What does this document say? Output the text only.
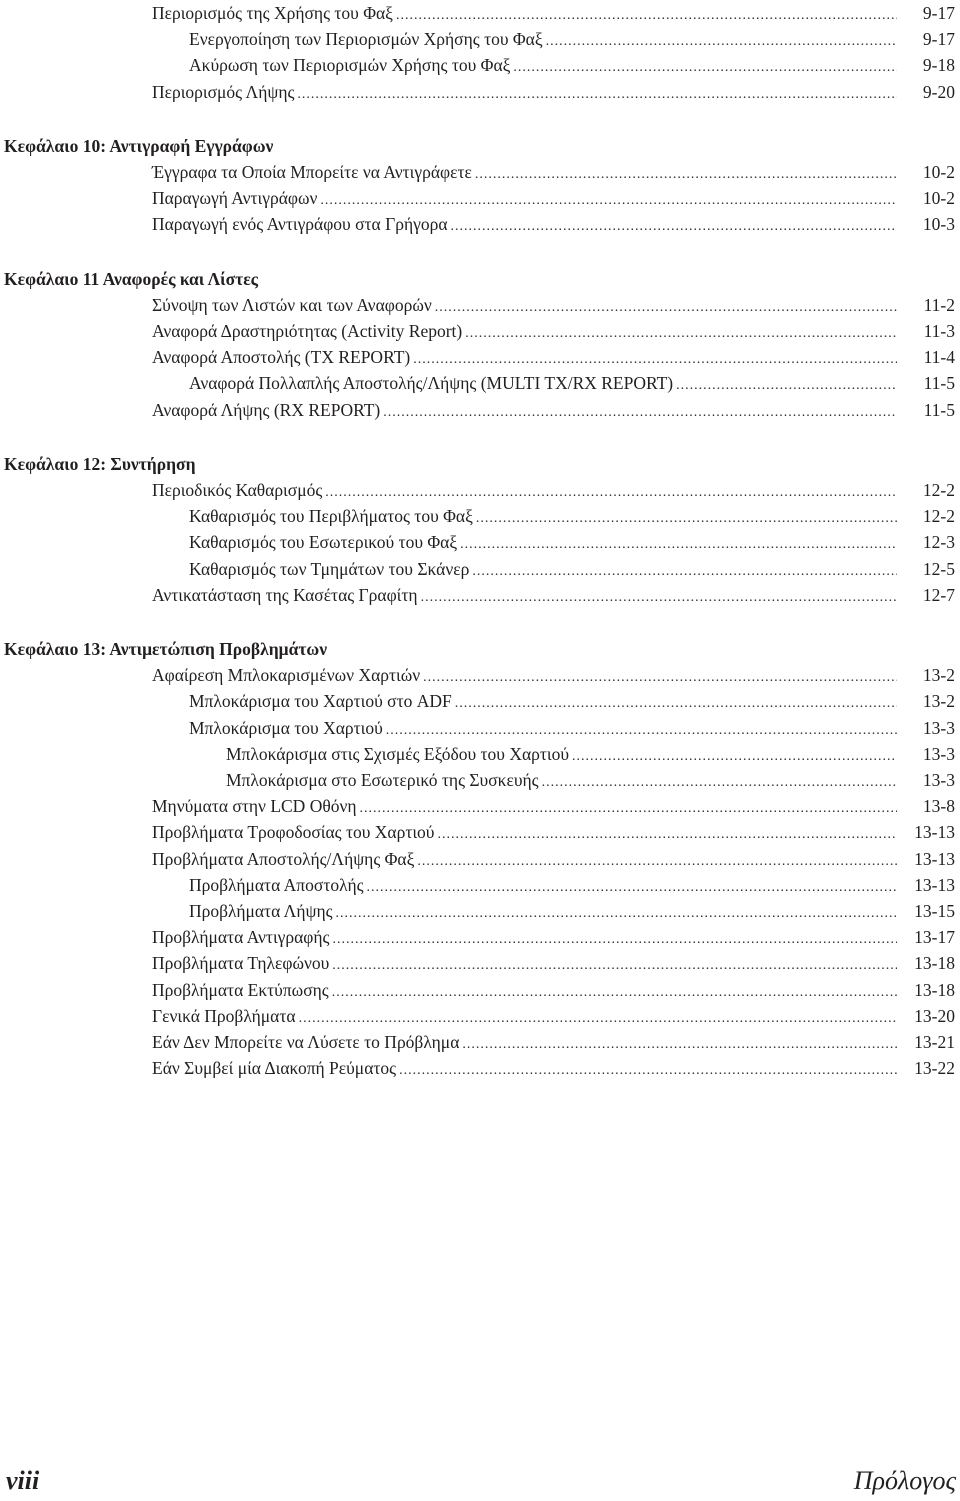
Περιορισμός της Χρήσης του Φαξ .....	9-17
Ενεργοποίηση των Περιορισμών Χρήσης του Φαξ .....	9-17
Ακύρωση των Περιορισμών Χρήσης του Φαξ .....	9-18
Περιορισμός Λήψης .....	9-20
Κεφάλαιο 10: Αντιγραφή Εγγράφων
Έγγραφα τα Οποία Μπορείτε να Αντιγράφετε .....	10-2
Παραγωγή Αντιγράφων .....	10-2
Παραγωγή ενός Αντιγράφου στα Γρήγορα .....	10-3
Κεφάλαιο 11 Αναφορές και Λίστες
Σύνοψη των Λιστών και των Αναφορών .....	11-2
Αναφορά Δραστηριότητας (Activity Report) .....	11-3
Αναφορά Αποστολής (TX REPORT) .....	11-4
Αναφορά Πολλαπλής Αποστολής/Λήψης (MULTI TX/RX REPORT) .....	11-5
Αναφορά Λήψης (RX REPORT) .....	11-5
Κεφάλαιο 12: Συντήρηση
Περιοδικός Καθαρισμός .....	12-2
Καθαρισμός του Περιβλήματος του Φαξ .....	12-2
Καθαρισμός του Εσωτερικού του Φαξ .....	12-3
Καθαρισμός των Τμημάτων του Σκάνερ .....	12-5
Αντικατάσταση της Κασέτας Γραφίτη .....	12-7
Κεφάλαιο 13: Αντιμετώπιση Προβλημάτων
Αφαίρεση Μπλοκαρισμένων Χαρτιών .....	13-2
Μπλοκάρισμα του Χαρτιού στο ADF .....	13-2
Μπλοκάρισμα του Χαρτιού .....	13-3
Μπλοκάρισμα στις Σχισμές Εξόδου του Χαρτιού .....	13-3
Μπλοκάρισμα στο Εσωτερικό της Συσκευής .....	13-3
Μηνύματα στην LCD Οθόνη .....	13-8
Προβλήματα Τροφοδοσίας του Χαρτιού .....	13-13
Προβλήματα Αποστολής/Λήψης Φαξ .....	13-13
Προβλήματα Αποστολής .....	13-13
Προβλήματα Λήψης .....	13-15
Προβλήματα Αντιγραφής .....	13-17
Προβλήματα Τηλεφώνου .....	13-18
Προβλήματα Εκτύπωσης .....	13-18
Γενικά Προβλήματα .....	13-20
Εάν Δεν Μπορείτε να Λύσετε το Πρόβλημα .....	13-21
Εάν Συμβεί μία Διακοπή Ρεύματος .....	13-22
viii	Πρόλογος
